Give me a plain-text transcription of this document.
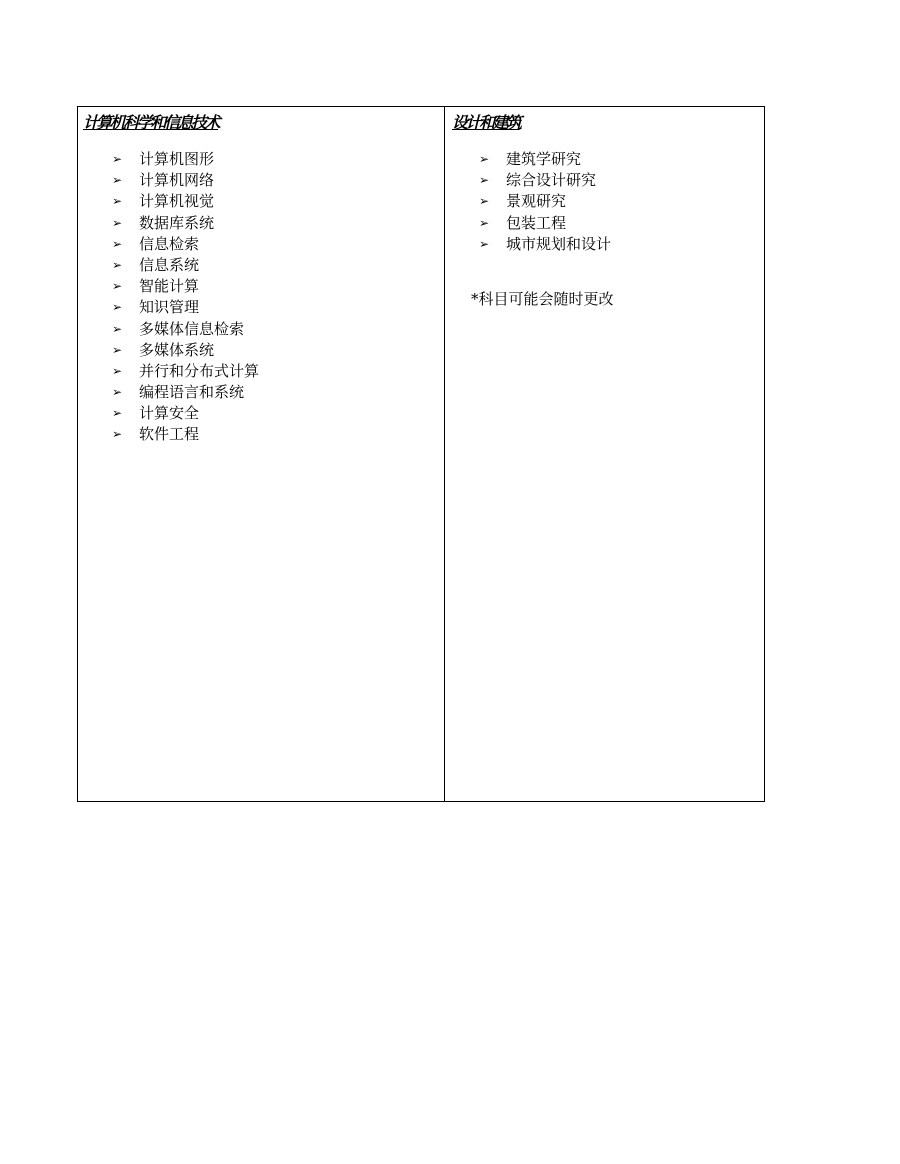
计算机科学和信息技术
➢	计算机图形
➢	计算机网络
➢	计算机视觉
➢	数据库系统
➢	信息检索
➢	信息系统
➢	智能计算
➢	知识管理
➢	多媒体信息检索
➢	多媒体系统
➢	并行和分布式计算
➢	编程语言和系统
➢	计算安全
➢	软件工程
设计和建筑
➢	建筑学研究
➢	综合设计研究
➢	景观研究
➢	包装工程
➢	城市规划和设计
*科目可能会随时更改
